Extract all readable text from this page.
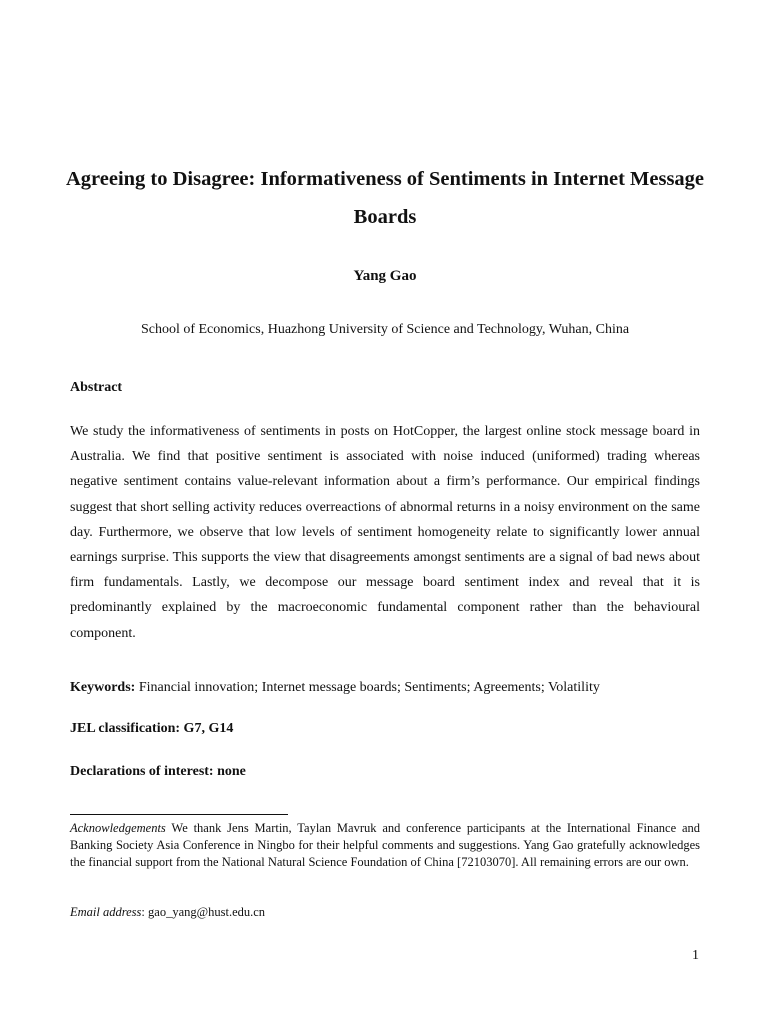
Agreeing to Disagree: Informativeness of Sentiments in Internet Message Boards
Yang Gao
School of Economics, Huazhong University of Science and Technology, Wuhan, China
Abstract
We study the informativeness of sentiments in posts on HotCopper, the largest online stock message board in Australia. We find that positive sentiment is associated with noise induced (uniformed) trading whereas negative sentiment contains value-relevant information about a firm’s performance. Our empirical findings suggest that short selling activity reduces overreactions of abnormal returns in a noisy environment on the same day. Furthermore, we observe that low levels of sentiment homogeneity relate to significantly lower annual earnings surprise. This supports the view that disagreements amongst sentiments are a signal of bad news about firm fundamentals. Lastly, we decompose our message board sentiment index and reveal that it is predominantly explained by the macroeconomic fundamental component rather than the behavioural component.
Keywords: Financial innovation; Internet message boards; Sentiments; Agreements; Volatility
JEL classification: G7, G14
Declarations of interest: none
Acknowledgements We thank Jens Martin, Taylan Mavruk and conference participants at the International Finance and Banking Society Asia Conference in Ningbo for their helpful comments and suggestions. Yang Gao gratefully acknowledges the financial support from the National Natural Science Foundation of China [72103070]. All remaining errors are our own.
Email address: gao_yang@hust.edu.cn
1
